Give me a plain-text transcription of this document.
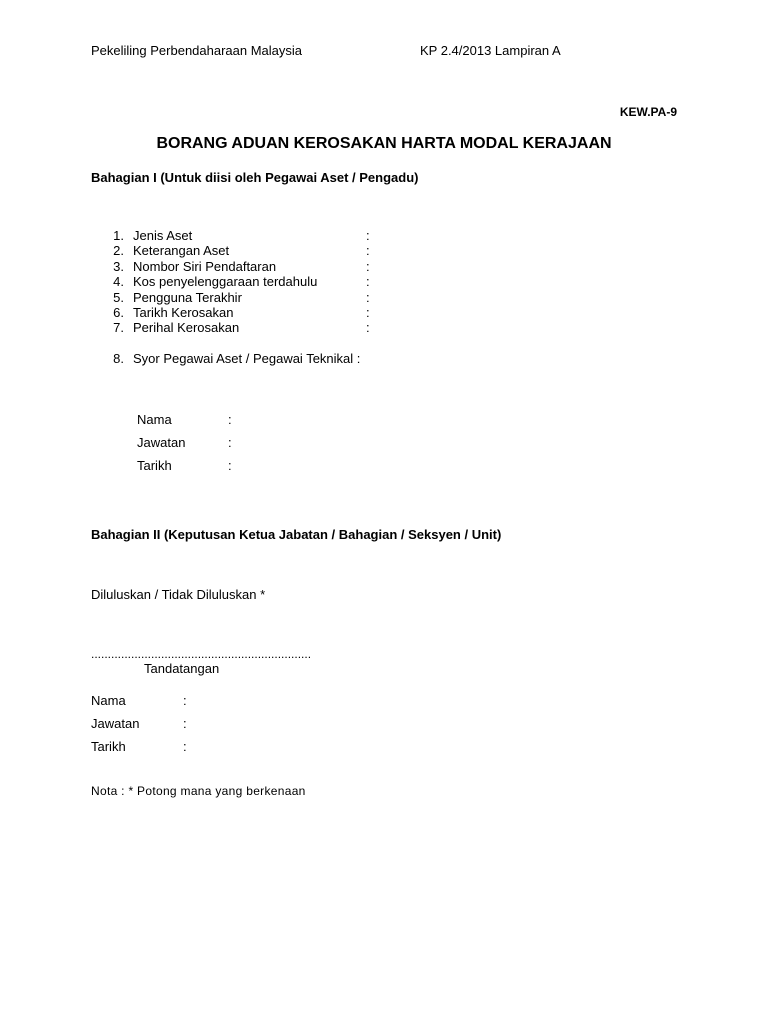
Pekeliling Perbendaharaan Malaysia	KP 2.4/2013 Lampiran A
KEW.PA-9
BORANG ADUAN KEROSAKAN HARTA MODAL KERAJAAN
Bahagian I (Untuk diisi oleh Pegawai Aset / Pengadu)
1. Jenis Aset	:
2. Keterangan Aset	:
3. Nombor Siri Pendaftaran	:
4. Kos penyelenggaraan terdahulu	:
5. Pengguna Terakhir	:
6. Tarikh Kerosakan	:
7. Perihal Kerosakan	:
8. Syor Pegawai Aset / Pegawai Teknikal :
Nama	:
Jawatan	:
Tarikh	:
Bahagian II (Keputusan Ketua Jabatan / Bahagian / Seksyen / Unit)
Diluluskan / Tidak Diluluskan *
..................................................................
Tandatangan
Nama	:
Jawatan	:
Tarikh	:
Nota : * Potong mana yang berkenaan
